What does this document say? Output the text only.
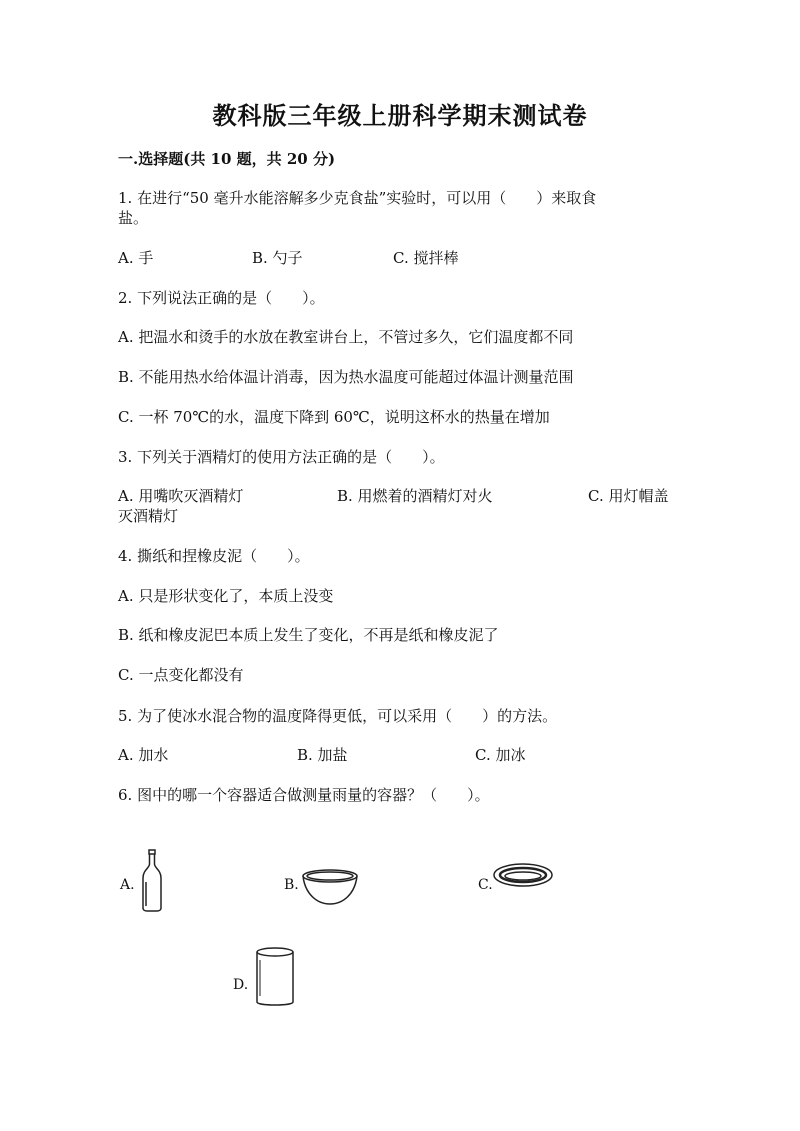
教科版三年级上册科学期末测试卷
一.选择题(共 10 题，共 20 分)
1. 在进行“50 毫升水能溶解多少克食盐”实验时，可以用（　　）来取食
盐。
A. 手	B. 勺子	C. 搅拌棒
2. 下列说法正确的是（　　）。
A. 把温水和烫手的水放在教室讲台上，不管过多久，它们温度都不同
B. 不能用热水给体温计消毒，因为热水温度可能超过体温计测量范围
C. 一杯 70℃的水，温度下降到 60℃，说明这杯水的热量在增加
3. 下列关于酒精灯的使用方法正确的是（　　）。
A. 用嘴吹灭酒精灯	B. 用燃着的酒精灯对火	C. 用灯帽盖
灭酒精灯
4. 撕纸和捏橡皮泥（　　）。
A. 只是形状变化了，本质上没变
B. 纸和橡皮泥巴本质上发生了变化，不再是纸和橡皮泥了
C. 一点变化都没有
5. 为了使冰水混合物的温度降得更低，可以采用（　　）的方法。
A. 加水	B. 加盐	C. 加冰
6. 图中的哪一个容器适合做测量雨量的容器？（　　）。
A.	B.	C.
D.
